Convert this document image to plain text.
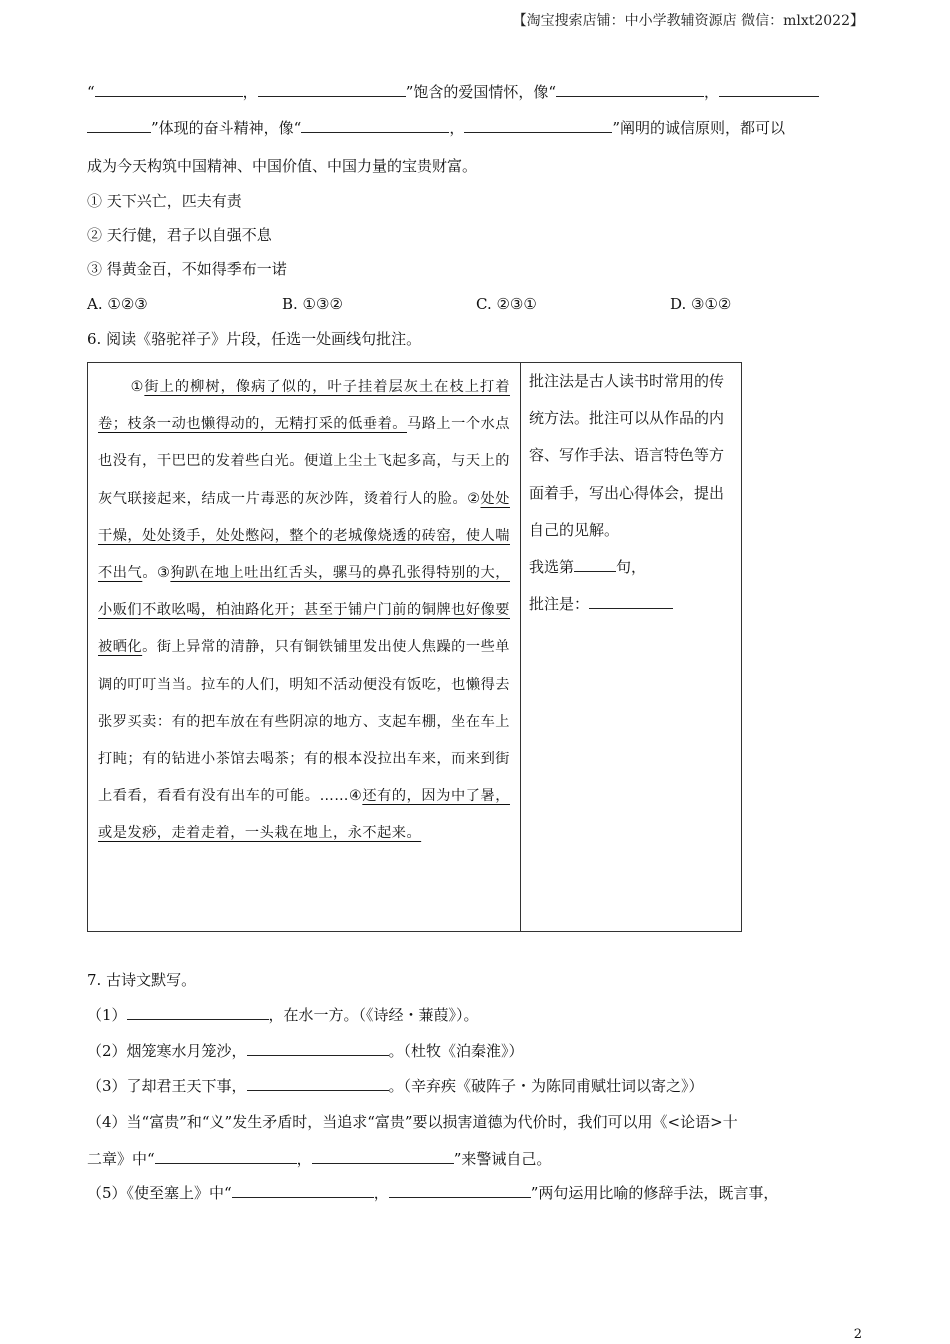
【淘宝搜索店铺：中小学教辅资源店 微信：mlxt2022】
“	，	”饱含的爱国情怀，像“	，
”体现的奋斗精神，像“	，	”阐明的诚信原则，都可以
成为今天构筑中国精神、中国价值、中国力量的宝贵财富。
① 天下兴亡，匹夫有责
② 天行健，君子以自强不息
③ 得黄金百，不如得季布一诺
A. ①②③	B. ①③②	C. ②③①	D. ③①②
6. 阅读《骆驼祥子》片段，任选一处画线句批注。
①街上的柳树，像病了似的，叶子挂着层灰土在枝上打着卷；枝条一动也懒得动的，无精打采的低垂着。马路上一个水点也没有，干巴巴的发着些白光。便道上尘土飞起多高，与天上的灰气联接起来，结成一片毒恶的灰沙阵，烫着行人的脸。②处处干燥，处处烫手，处处憋闷，整个的老城像烧透的砖窑，使人喘不出气。③狗趴在地上吐出红舌头，骡马的鼻孔张得特别的大，小贩们不敢吆喝，柏油路化开；甚至于铺户门前的铜牌也好像要被晒化。街上异常的清静，只有铜铁铺里发出使人焦躁的一些单调的叮叮当当。拉车的人们，明知不活动便没有饭吃，也懒得去张罗买卖：有的把车放在有些阴凉的地方、支起车棚，坐在车上打盹；有的钻进小茶馆去喝茶；有的根本没拉出车来，而来到街上看看，看看有没有出车的可能。……④还有的，因为中了暑，或是发痧，走着走着，一头栽在地上，永不起来。

批注法是古人读书时常用的传统方法。批注可以从作品的内容、写作手法、语言特色等方面着手，写出心得体会，提出自己的见解。
我选第	句，
批注是：
7. 古诗文默写。
（1）	，在水一方。（《诗经・蒹葭》）。
（2）烟笼寒水月笼沙，	。（杜牧《泊秦淮》）
（3）了却君王天下事，	。（辛弃疾《破阵子・为陈同甫赋壮词以寄之》）
（4）当“富贵”和“义”发生矛盾时，当追求“富贵”要以损害道德为代价时，我们可以用《<论语>十
二章》中“	，	”来警诫自己。
（5）《使至塞上》中“	，	”两句运用比喻的修辞手法，既言事，
2
